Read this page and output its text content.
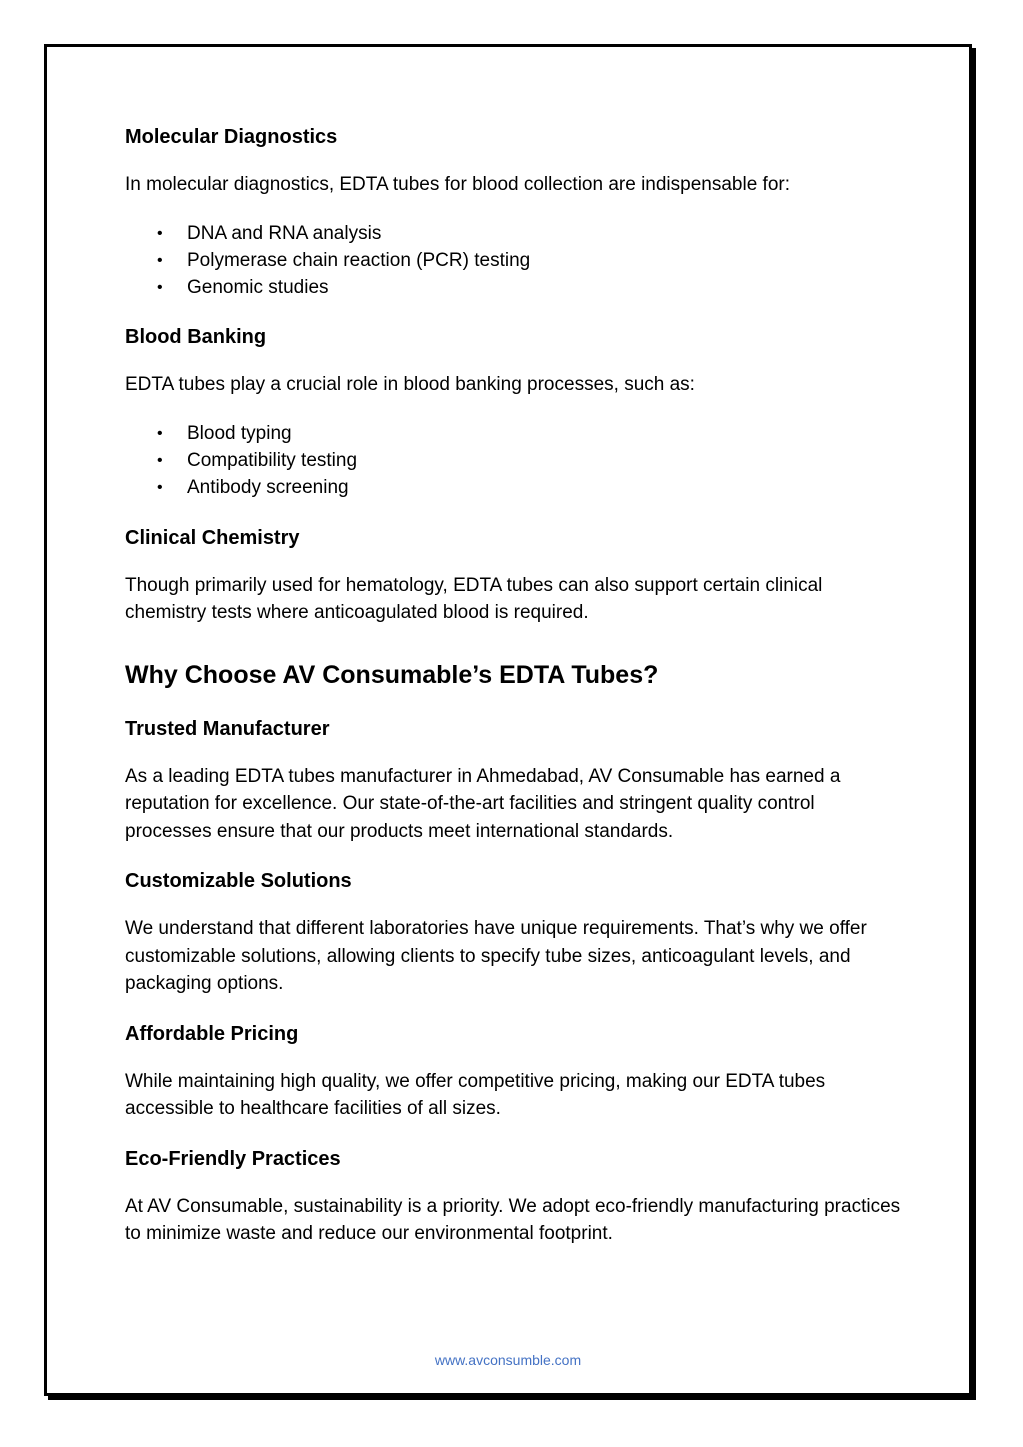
Molecular Diagnostics

In molecular diagnostics, EDTA tubes for blood collection are indispensable for:

• DNA and RNA analysis
• Polymerase chain reaction (PCR) testing
• Genomic studies
Blood Banking

EDTA tubes play a crucial role in blood banking processes, such as:

• Blood typing
• Compatibility testing
• Antibody screening
Clinical Chemistry

Though primarily used for hematology, EDTA tubes can also support certain clinical chemistry tests where anticoagulated blood is required.

Why Choose AV Consumable’s EDTA Tubes?
Trusted Manufacturer

As a leading EDTA tubes manufacturer in Ahmedabad, AV Consumable has earned a reputation for excellence. Our state-of-the-art facilities and stringent quality control processes ensure that our products meet international standards.

Customizable Solutions

We understand that different laboratories have unique requirements. That’s why we offer customizable solutions, allowing clients to specify tube sizes, anticoagulant levels, and packaging options.

Affordable Pricing

While maintaining high quality, we offer competitive pricing, making our EDTA tubes accessible to healthcare facilities of all sizes.

Eco-Friendly Practices

At AV Consumable, sustainability is a priority. We adopt eco-friendly manufacturing practices to minimize waste and reduce our environmental footprint.

www.avconsumble.com
